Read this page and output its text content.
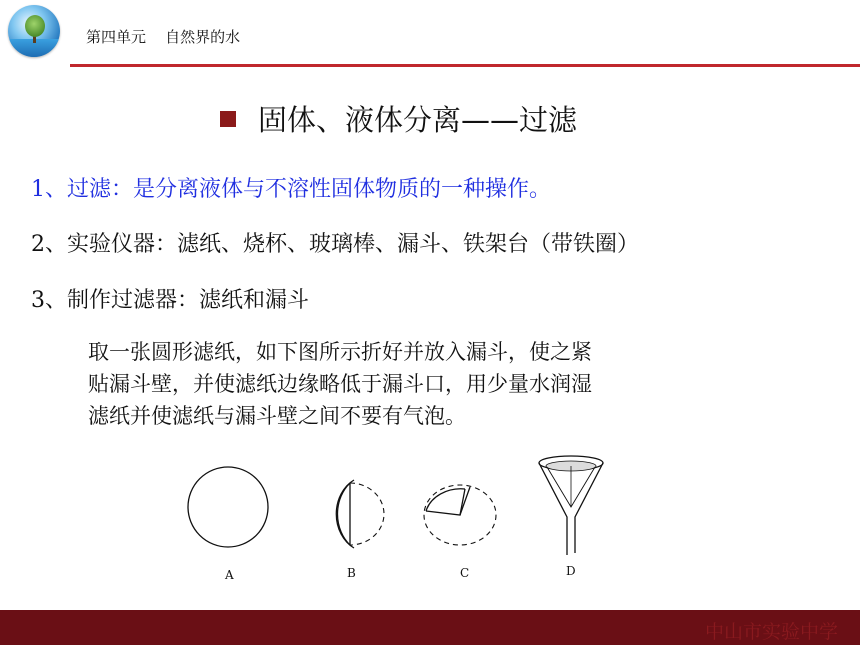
第四单元    自然界的水
固体、液体分离——过滤
1、过滤：是分离液体与不溶性固体物质的一种操作。
2、实验仪器：滤纸、烧杯、玻璃棒、漏斗、铁架台（带铁圈）
3、制作过滤器：滤纸和漏斗
取一张圆形滤纸，如下图所示折好并放入漏斗，使之紧
贴漏斗壁，并使滤纸边缘略低于漏斗口，用少量水润湿
滤纸并使滤纸与漏斗壁之间不要有气泡。
A	B	C	D
中山市实验中学
